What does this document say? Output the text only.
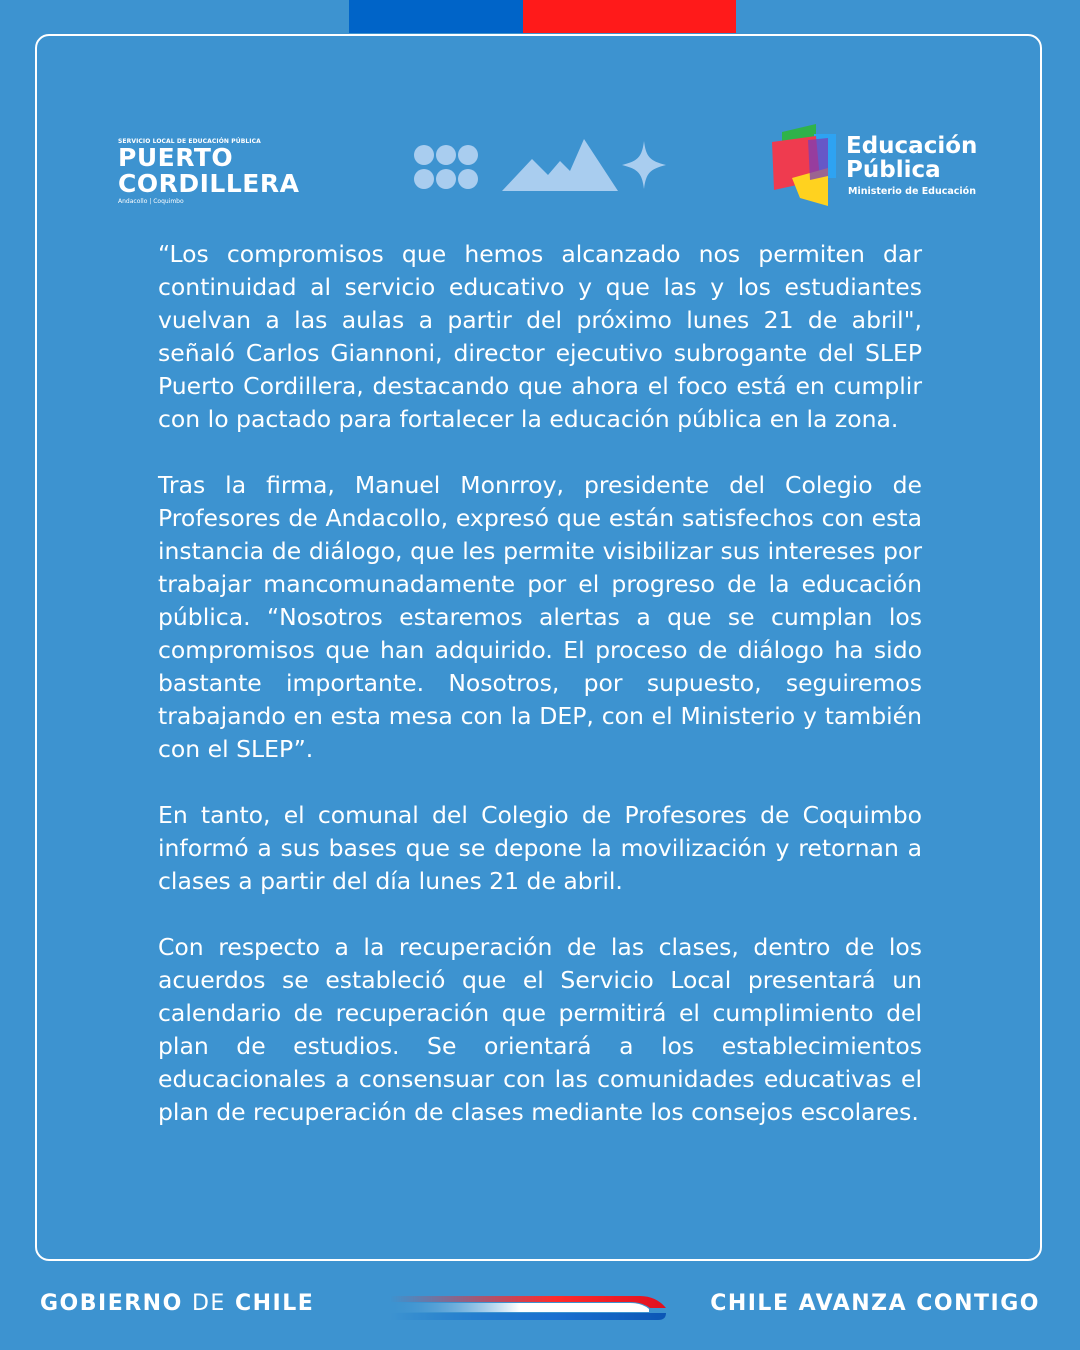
SERVICIO LOCAL DE EDUCACIÓN PÚBLICA
PUERTO
CORDILLERA
Andacollo | Coquimbo
Educación
Pública
Ministerio de Educación

“Los compromisos que hemos alcanzado nos permiten dar continuidad al servicio educativo y que las y los estudiantes vuelvan a las aulas a partir del próximo lunes 21 de abril", señaló Carlos Giannoni, director ejecutivo subrogante del SLEP Puerto Cordillera, destacando que ahora el foco está en cumplir con lo pactado para fortalecer la educación pública en la zona.

Tras la firma, Manuel Monrroy, presidente del Colegio de Profesores de Andacollo, expresó que están satisfechos con esta instancia de diálogo, que les permite visibilizar sus intereses por trabajar mancomunadamente por el progreso de la educación pública. “Nosotros estaremos alertas a que se cumplan los compromisos que han adquirido. El proceso de diálogo ha sido bastante importante. Nosotros, por supuesto, seguiremos trabajando en esta mesa con la DEP, con el Ministerio y también con el SLEP”.

En tanto, el comunal del Colegio de Profesores de Coquimbo informó a sus bases que se depone la movilización y retornan a clases a partir del día lunes 21 de abril.

Con respecto a la recuperación de las clases, dentro de los acuerdos se estableció que el Servicio Local presentará un calendario de recuperación que permitirá el cumplimiento del plan de estudios. Se orientará a los establecimientos educacionales a consensuar con las comunidades educativas el plan de recuperación de clases mediante los consejos escolares.

GOBIERNO DE CHILE	CHILE AVANZA CONTIGO
